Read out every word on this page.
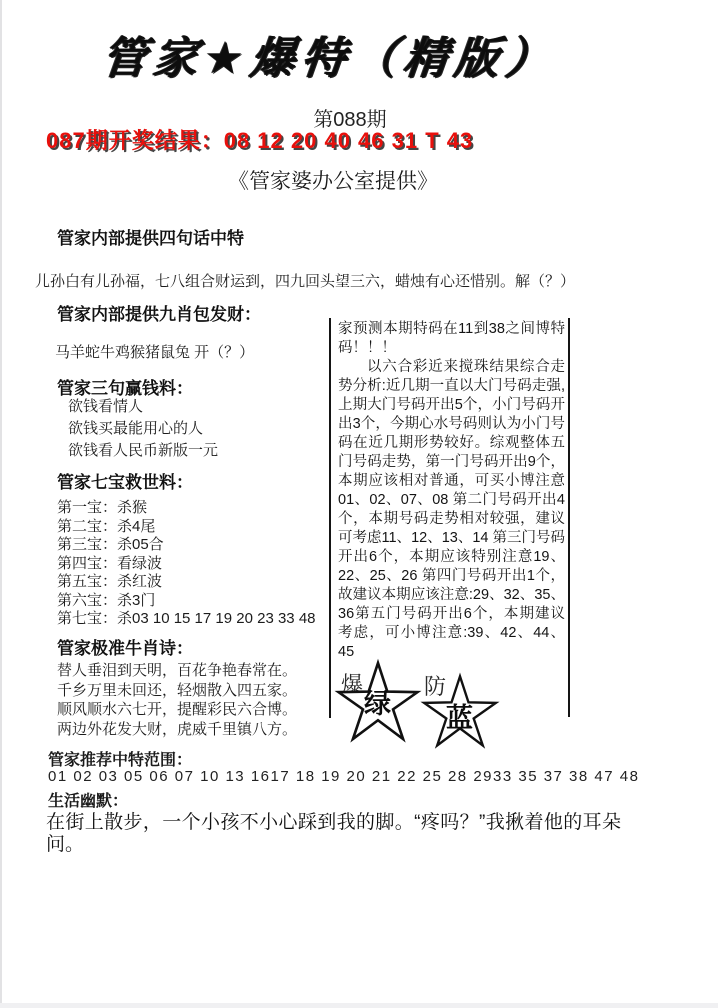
管家★爆特（精版）
第088期
087期开奖结果：08 12 20 40 46 31 T 43
《管家婆办公室提供》
管家内部提供四句话中特
儿孙白有儿孙福，七八组合财运到，四九回头望三六，蜡烛有心还惜别。解（？）
管家内部提供九肖包发财：
马羊蛇牛鸡猴猪鼠兔 开（？）
管家三句赢钱料：
欲钱看情人
欲钱买最能用心的人
欲钱看人民币新版一元
管家七宝救世料：
第一宝：杀猴
第二宝：杀4尾
第三宝：杀05合
第四宝：看绿波
第五宝：杀红波
第六宝：杀3门
第七宝：杀03 10 15 17 19 20 23 33 48
管家极准牛肖诗：
替人垂泪到天明，百花争艳春常在。
千乡万里未回还，轻烟散入四五家。
顺风顺水六七开，提醒彩民六合博。
两边外花发大财，虎威千里镇八方。
管家推荐中特范围：
01 02 03 05 06 07 10 13 1617 18 19 20 21 22 25 28 2933 35 37 38 47 48
生活幽默：
在街上散步，一个小孩不小心踩到我的脚。“疼吗？”我揪着他的耳朵问。
家预测本期特码在11到38之间博特码！！！
以六合彩近来搅珠结果综合走势分析:近几期一直以大门号码走强,上期大门号码开出5个，小门号码开出3个，今期心水号码则认为小门号码在近几期形势较好。综观整体五门号码走势，第一门号码开出9个，本期应该相对普通，可买小博注意01、02、07、08 第二门号码开出4个，本期号码走势相对较强，建议可考虑11、12、13、14 第三门号码开出6个，本期应该特别注意19、22、25、26 第四门号码开出1个，故建议本期应该注意:29、32、35、36第五门号码开出6个，本期建议考虑，可小博注意:39、42、44、45
爆
绿
防
蓝
